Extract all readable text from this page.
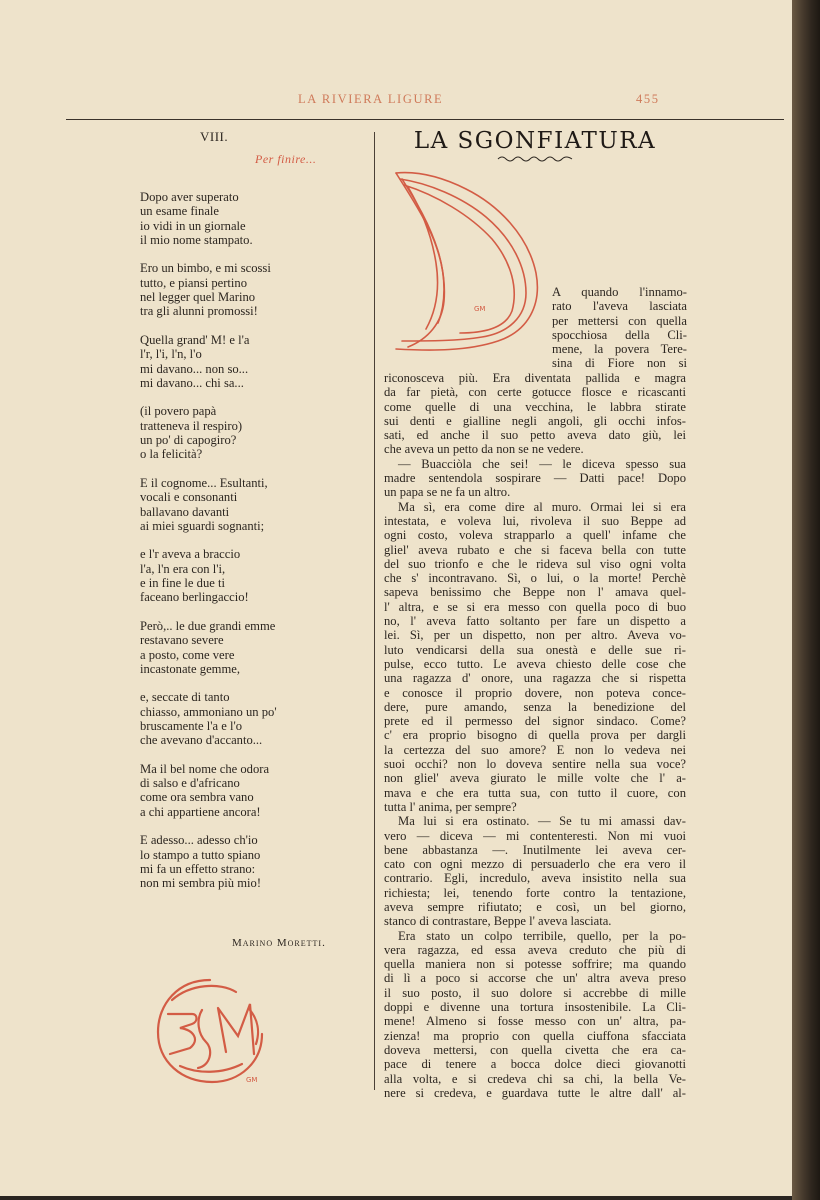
LA RIVIERA LIGURE	455
VIII.
Per finire...
Dopo aver superato
un esame finale
io vidi in un giornale
il mio nome stampato.
Ero un bimbo, e mi scossi
tutto, e piansi pertino
nel legger quel Marino
tra gli alunni promossi!
Quella grand' M! e l'a
l'r, l'i, l'n, l'o
mi davano... non so...
mi davano... chi sa...
(il povero papà
tratteneva il respiro)
un po' di capogiro?
o la felicità?
E il cognome... Esultanti,
vocali e consonanti
ballavano davanti
ai miei sguardi sognanti;
e l'r aveva a braccio
l'a, l'n era con l'i,
e in fine le due ti
faceano berlingaccio!
Però,.. le due grandi emme
restavano severe
a posto, come vere
incastonate gemme,
e, seccate di tanto
chiasso, ammoniano un po'
bruscamente l'a e l'o
che avevano d'accanto...
Ma il bel nome che odora
di salso e d'africano
come ora sembra vano
a chi appartiene ancora!
E adesso... adesso ch'io
lo stampo a tutto spiano
mi fa un effetto strano:
non mi sembra più mio!
Marino Moretti.
GM
LA SGONFIATURA
GM
A quando l'innamo-
rato l'aveva lasciata
per mettersi con quella
spocchiosa della Cli-
mene, la povera Tere-
sina di Fiore non si
riconosceva più. Era diventata pallida e magra
da far pietà, con certe gotucce flosce e ricascanti
come quelle di una vecchina, le labbra stirate
sui denti e gialline negli angoli, gli occhi infos-
sati, ed anche il suo petto aveva dato giù, lei
che aveva un petto da non se ne vedere.
— Buacciòla che sei! — le diceva spesso sua
madre sentendola sospirare — Datti pace! Dopo
un papa se ne fa un altro.
Ma sì, era come dire al muro. Ormai lei si era
intestata, e voleva lui, rivoleva il suo Beppe ad
ogni costo, voleva strapparlo a quell' infame che
gliel' aveva rubato e che si faceva bella con tutte
del suo trionfo e che le rideva sul viso ogni volta
che s' incontravano. Sì, o lui, o la morte! Perchè
sapeva benissimo che Beppe non l' amava quel-
l' altra, e se si era messo con quella poco di buo
no, l' aveva fatto soltanto per fare un dispetto a
lei. Sì, per un dispetto, non per altro. Aveva vo-
luto vendicarsi della sua onestà e delle sue ri-
pulse, ecco tutto. Le aveva chiesto delle cose che
una ragazza d' onore, una ragazza che si rispetta
e conosce il proprio dovere, non poteva conce-
dere, pure amando, senza la benedizione del
prete ed il permesso del signor sindaco. Come?
c' era proprio bisogno di quella prova per dargli
la certezza del suo amore? E non lo vedeva nei
suoi occhi? non lo doveva sentire nella sua voce?
non gliel' aveva giurato le mille volte che l' a-
mava e che era tutta sua, con tutto il cuore, con
tutta l' anima, per sempre?
Ma lui si era ostinato. — Se tu mi amassi dav-
vero — diceva — mi contenteresti. Non mi vuoi
bene abbastanza —. Inutilmente lei aveva cer-
cato con ogni mezzo di persuaderlo che era vero il
contrario. Egli, incredulo, aveva insistito nella sua
richiesta; lei, tenendo forte contro la tentazione,
aveva sempre rifiutato; e così, un bel giorno,
stanco di contrastare, Beppe l' aveva lasciata.
Era stato un colpo terribile, quello, per la po-
vera ragazza, ed essa aveva creduto che più di
quella maniera non si potesse soffrire; ma quando
di lì a poco si accorse che un' altra aveva preso
il suo posto, il suo dolore si accrebbe di mille
doppi e divenne una tortura insostenibile. La Cli-
mene! Almeno si fosse messo con un' altra, pa-
zienza! ma proprio con quella ciuffona sfacciata
doveva mettersi, con quella civetta che era ca-
pace di tenere a bocca dolce dieci giovanotti
alla volta, e si credeva chi sa chi, la bella Ve-
nere si credeva, e guardava tutte le altre dall' al-
